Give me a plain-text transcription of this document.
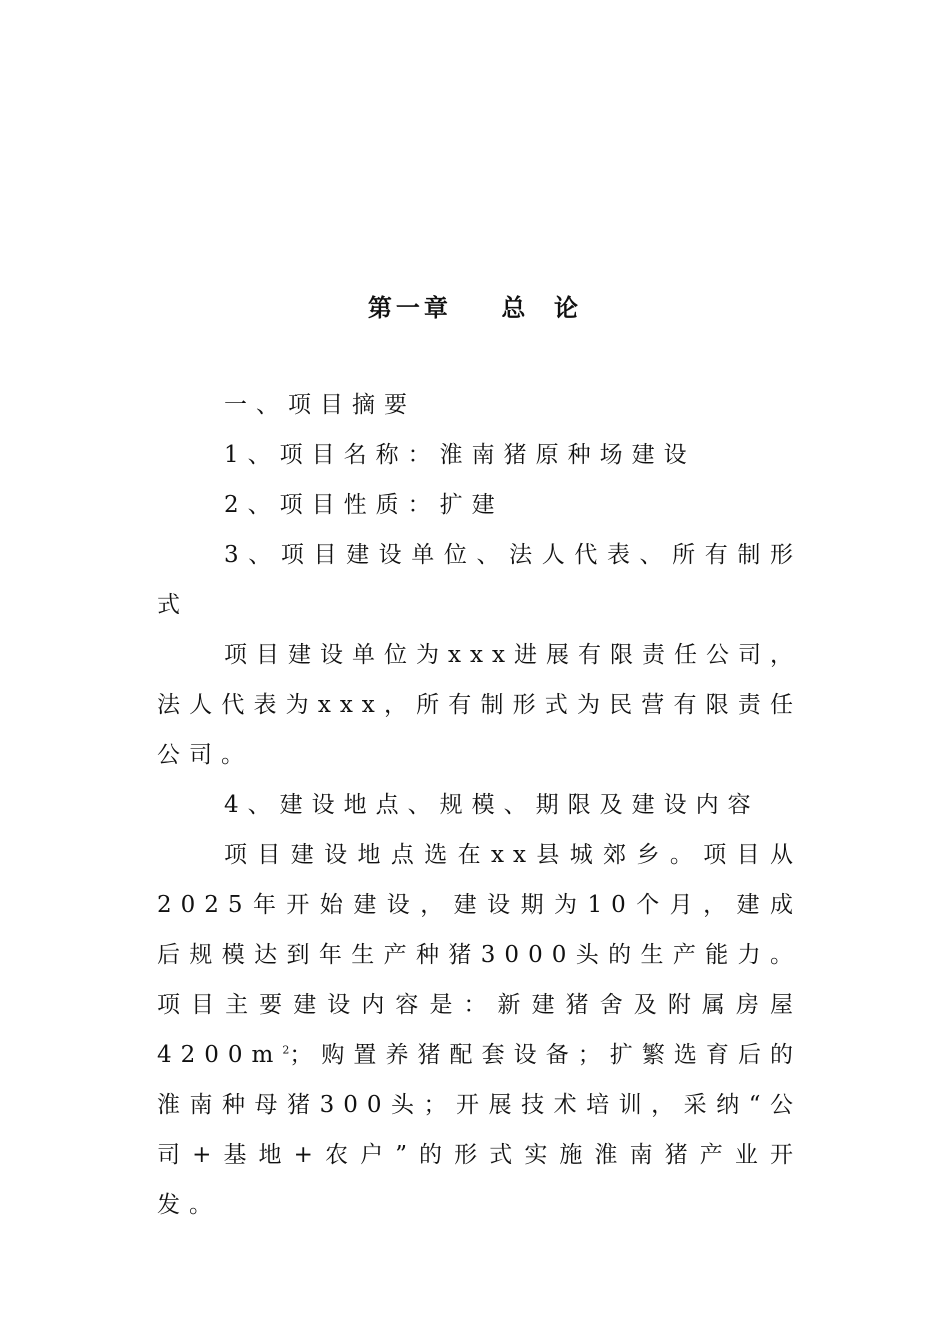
第一章    总  论

一、项目摘要

1、项目名称：淮南猪原种场建设

2、项目性质：扩建

3、项目建设单位、法人代表、所有制形式

项目建设单位为xxx进展有限责任公司，法人代表为xxx，所有制形式为民营有限责任公司。

4、建设地点、规模、期限及建设内容

项目建设地点选在xx县城郊乡。项目从2025年开始建设，建设期为10个月，建成后规模达到年生产种猪3000头的生产能力。项目主要建设内容是：新建猪舍及附属房屋$4200m^2$；购置养猪配套设备；扩繁选育后的淮南种母猪300头；开展技术培训，采纳“公司+基地+农户”的形式实施淮南猪产业开发。
